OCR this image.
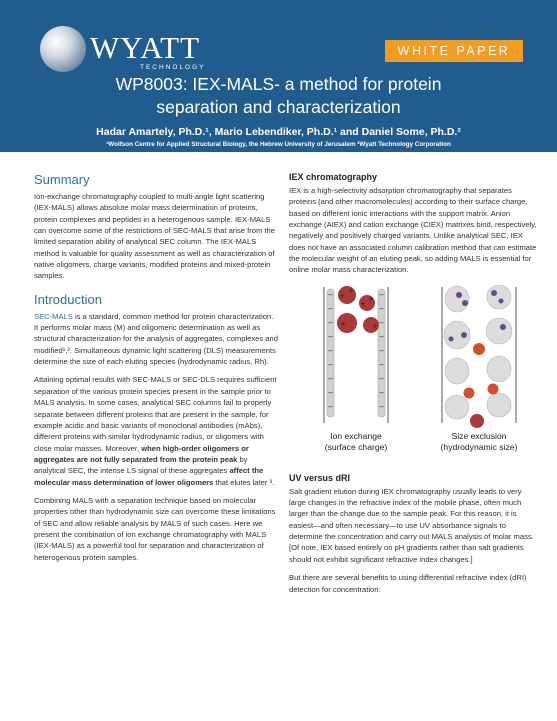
WYATT
TECHNOLOGY
WHITE PAPER
WP8003: IEX-MALS- a method for protein
separation and characterization
Hadar Amartely, Ph.D.¹, Mario Lebendiker, Ph.D.¹ and Daniel Some, Ph.D.²
¹Wolfson Centre for Applied Structural Biology, the Hebrew University of Jerusalem ²Wyatt Technology Corporation
Summary

Ion-exchange chromatography coupled to multi-angle light scattering (IEX-MALS) allows absolute molar mass determination of proteins, protein complexes and peptides in a heterogenous sample. IEX-MALS can overcome some of the restrictions of SEC-MALS that arise from the limited separation ability of analytical SEC column. The IEX-MALS method is valuable for quality assessment as well as characterization of native oligomers, charge variants, modified proteins and mixed-protein samples.

Introduction

SEC-MALS is a standard, common method for protein characterization. It performs molar mass (M) and oligomeric determination as well as structural characterization for the analysis of aggregates, complexes and modified¹,². Simultaneous dynamic light scattering (DLS) measurements determine the size of each eluting species (hydrodynamic radius, Rh).

Attaining optimal results with SEC-MALS or SEC-DLS requires sufficient separation of the various protein species present in the sample prior to MALS analysis. In some cases, analytical SEC columns fail to properly separate between different proteins that are present in the sample, for example acidic and basic variants of monoclonal antibodies (mAbs), different proteins with similar hydrodynamic radius, or oligomers with close molar masses. Moreover, when high-order oligomers or aggregates are not fully separated from the protein peak by analytical SEC, the intense LS signal of these aggregates affect the molecular mass determination of lower oligomers that elutes later ³.

Combining MALS with a separation technique based on molecular properties other than hydrodynamic size can overcome these limitations of SEC and allow reliable analysis by MALS of such cases. Here we present the combination of ion exchange chromatography with MALS (IEX-MALS) as a powerful tool for separation and characterization of heterogenous protein samples.

IEX chromatography

IEX is a high-selectivity adsorption chromatography that separates proteins (and other macromolecules) according to their surface charge, based on different ionic interactions with the support matrix. Anion exchange (AIEX) and cation exchange (CIEX) matrixes bind, respectively, negatively and positively charged variants. Unlike analytical SEC, IEX does not have an associated column calibration method that can estimate the molecular weight of an eluting peak, so adding MALS is essential for online molar mass characterization.

−
−
−
−
−
−
−
−
−
−
−
−
−
−
−
−
−
−
+
+
+
+
+
+
Ion exchange
(surface charge)
Size exclusion
(hydrodynamic size)
UV versus dRI

Salt gradient elution during IEX chromatography usually leads to very large changes in the refractive index of the mobile phase, often much larger than the change due to the sample peak. For this reason, it is easiest—and often necessary—to use UV absorbance signals to determine the concentration and carry out MALS analysis of molar mass. [Of note, IEX based entirely on pH gradients rather than salt gradients should not exhibit significant refractive index changes.]

But there are several benefits to using differential refractive index (dRI) detection for concentration:
